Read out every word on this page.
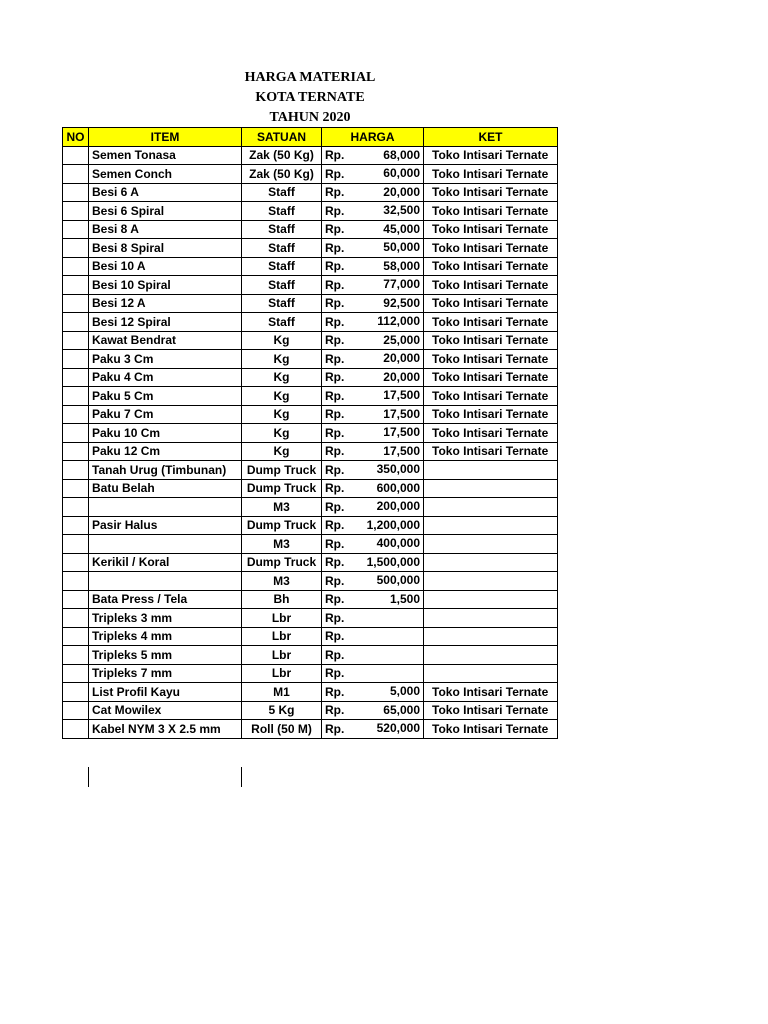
HARGA MATERIAL
KOTA TERNATE
TAHUN 2020
NO	ITEM	SATUAN	HARGA		KET
	Semen Tonasa	Zak (50 Kg)	Rp.	68,000	Toko Intisari Ternate
	Semen Conch	Zak (50 Kg)	Rp.	60,000	Toko Intisari Ternate
	Besi 6 A	Staff	Rp.	20,000	Toko Intisari Ternate
	Besi 6 Spiral	Staff	Rp.	32,500	Toko Intisari Ternate
	Besi 8 A	Staff	Rp.	45,000	Toko Intisari Ternate
	Besi 8 Spiral	Staff	Rp.	50,000	Toko Intisari Ternate
	Besi 10 A	Staff	Rp.	58,000	Toko Intisari Ternate
	Besi 10 Spiral	Staff	Rp.	77,000	Toko Intisari Ternate
	Besi 12 A	Staff	Rp.	92,500	Toko Intisari Ternate
	Besi 12 Spiral	Staff	Rp.	112,000	Toko Intisari Ternate
	Kawat Bendrat	Kg	Rp.	25,000	Toko Intisari Ternate
	Paku 3 Cm	Kg	Rp.	20,000	Toko Intisari Ternate
	Paku 4 Cm	Kg	Rp.	20,000	Toko Intisari Ternate
	Paku 5 Cm	Kg	Rp.	17,500	Toko Intisari Ternate
	Paku 7 Cm	Kg	Rp.	17,500	Toko Intisari Ternate
	Paku 10 Cm	Kg	Rp.	17,500	Toko Intisari Ternate
	Paku 12 Cm	Kg	Rp.	17,500	Toko Intisari Ternate
	Tanah Urug (Timbunan)	Dump Truck	Rp.	350,000	
	Batu Belah	Dump Truck	Rp.	600,000	
		M3	Rp.	200,000	
	Pasir Halus	Dump Truck	Rp.	1,200,000	
		M3	Rp.	400,000	
	Kerikil / Koral	Dump Truck	Rp.	1,500,000	
		M3	Rp.	500,000	
	Bata Press / Tela	Bh	Rp.	1,500	
	Tripleks 3 mm	Lbr	Rp.		
	Tripleks 4 mm	Lbr	Rp.		
	Tripleks 5 mm	Lbr	Rp.		
	Tripleks 7 mm	Lbr	Rp.		
	List Profil Kayu	M1	Rp.	5,000	Toko Intisari Ternate
	Cat Mowilex	5 Kg	Rp.	65,000	Toko Intisari Ternate
	Kabel NYM 3 X 2.5 mm	Roll (50 M)	Rp.	520,000	Toko Intisari Ternate
